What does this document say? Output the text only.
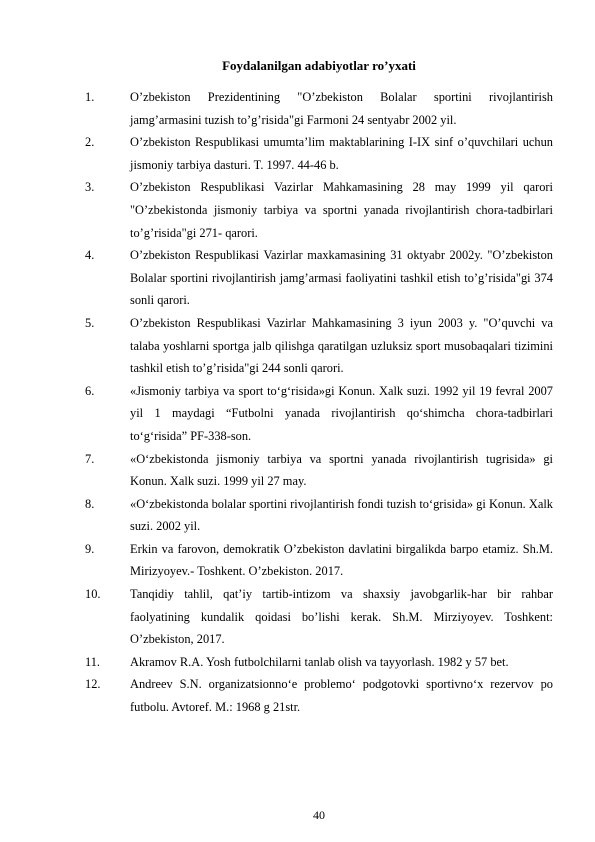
Foydalanilgan adabiyotlar ro’yxati
1.	O’zbekiston Prezidentining "O’zbekiston Bolalar sportini rivojlantirish jamg’armasini tuzish to’g’risida"gi Farmoni 24 sentyabr 2002 yil.
2.	O’zbekiston Respublikasi umumta’lim maktablarining I-IX sinf o’quvchilari uchun jismoniy tarbiya dasturi. T. 1997. 44-46 b.
3.	O’zbekiston Respublikasi Vazirlar Mahkamasining 28 may 1999 yil qarori "O’zbekistonda jismoniy tarbiya va sportni yanada rivojlantirish chora-tadbirlari to’g’risida"gi 271- qarori.
4.	O’zbekiston Respublikasi Vazirlar maxkamasining 31 oktyabr 2002y. "O’zbekiston Bolalar sportini rivojlantirish jamg’armasi faoliyatini tashkil etish to’g’risida"gi 374 sonli qarori.
5.	O’zbekiston Respublikasi Vazirlar Mahkamasining 3 iyun 2003 y. "O’quvchi va talaba yoshlarni sportga jalb qilishga qaratilgan uzluksiz sport musobaqalari tizimini tashkil etish to’g’risida"gi 244 sonli qarori.
6.	«Jismoniy tarbiya va sport to‘g‘risida»gi Konun. Xalk suzi. 1992 yil 19 fevral 2007 yil 1 maydagi “Futbolni yanada rivojlantirish qo‘shimcha chora-tadbirlari to‘g‘risida” PF-338-son.
7.	«O‘zbekistonda jismoniy tarbiya va sportni yanada rivojlantirish tugrisida» gi Konun. Xalk suzi. 1999 yil 27 may.
8.	«O‘zbekistonda bolalar sportini rivojlantirish fondi tuzish to‘grisida» gi Konun. Xalk suzi. 2002 yil.
9.	Erkin va farovon, demokratik O’zbekiston davlatini birgalikda barpo etamiz. Sh.M. Mirizyoyev.- Toshkent. O’zbekiston. 2017.
10. Tanqidiy tahlil, qat’iy tartib-intizom va shaxsiy javobgarlik-har bir rahbar faolyatining kundalik qoidasi bo’lishi kerak. Sh.M. Mirziyoyev. Toshkent: O’zbekiston, 2017.
11. Akramov R.A. Yosh futbolchilarni tanlab olish va tayyorlash. 1982 y 57 bet.
12. Andreev S.N. organizatsionno‘e problemo‘ podgotovki sportivno‘x rezervov po futbolu. Avtoref. M.: 1968 g 21str.
40
